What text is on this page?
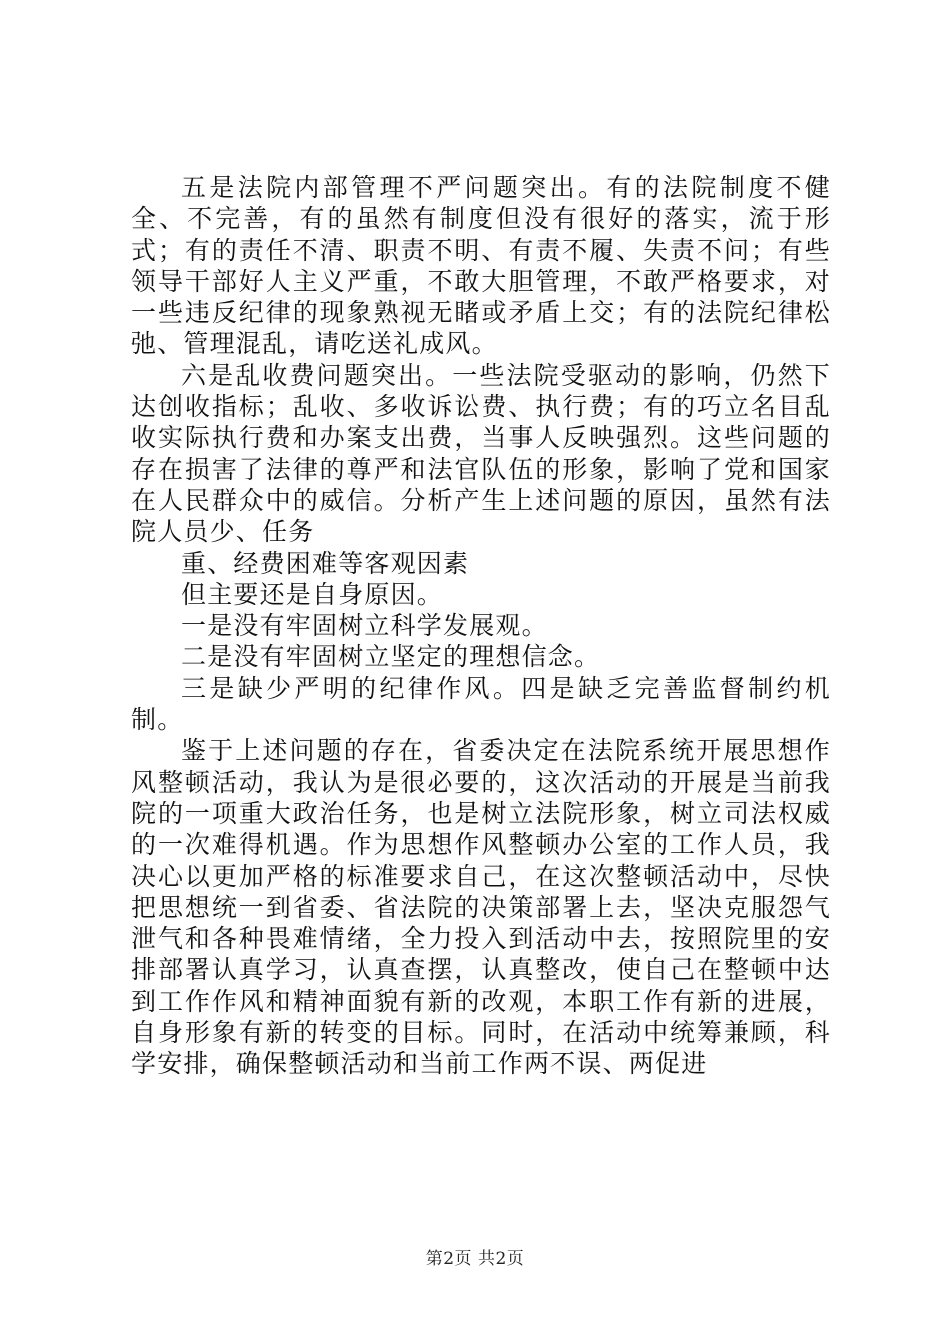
五是法院内部管理不严问题突出。有的法院制度不健全、不完善，有的虽然有制度但没有很好的落实，流于形式；有的责任不清、职责不明、有责不履、失责不问；有些领导干部好人主义严重，不敢大胆管理，不敢严格要求，对一些违反纪律的现象熟视无睹或矛盾上交；有的法院纪律松弛、管理混乱，请吃送礼成风。

六是乱收费问题突出。一些法院受驱动的影响，仍然下达创收指标；乱收、多收诉讼费、执行费；有的巧立名目乱收实际执行费和办案支出费，当事人反映强烈。这些问题的存在损害了法律的尊严和法官队伍的形象，影响了党和国家在人民群众中的威信。分析产生上述问题的原因，虽然有法院人员少、任务

重、经费困难等客观因素

但主要还是自身原因。

一是没有牢固树立科学发展观。

二是没有牢固树立坚定的理想信念。

三是缺少严明的纪律作风。四是缺乏完善监督制约机制。

鉴于上述问题的存在，省委决定在法院系统开展思想作风整顿活动，我认为是很必要的，这次活动的开展是当前我院的一项重大政治任务，也是树立法院形象，树立司法权威的一次难得机遇。作为思想作风整顿办公室的工作人员，我决心以更加严格的标准要求自己，在这次整顿活动中，尽快把思想统一到省委、省法院的决策部署上去，坚决克服怨气泄气和各种畏难情绪，全力投入到活动中去，按照院里的安排部署认真学习，认真查摆，认真整改，使自己在整顿中达到工作作风和精神面貌有新的改观，本职工作有新的进展，自身形象有新的转变的目标。同时，在活动中统筹兼顾，科学安排，确保整顿活动和当前工作两不误、两促进

第2页 共2页
